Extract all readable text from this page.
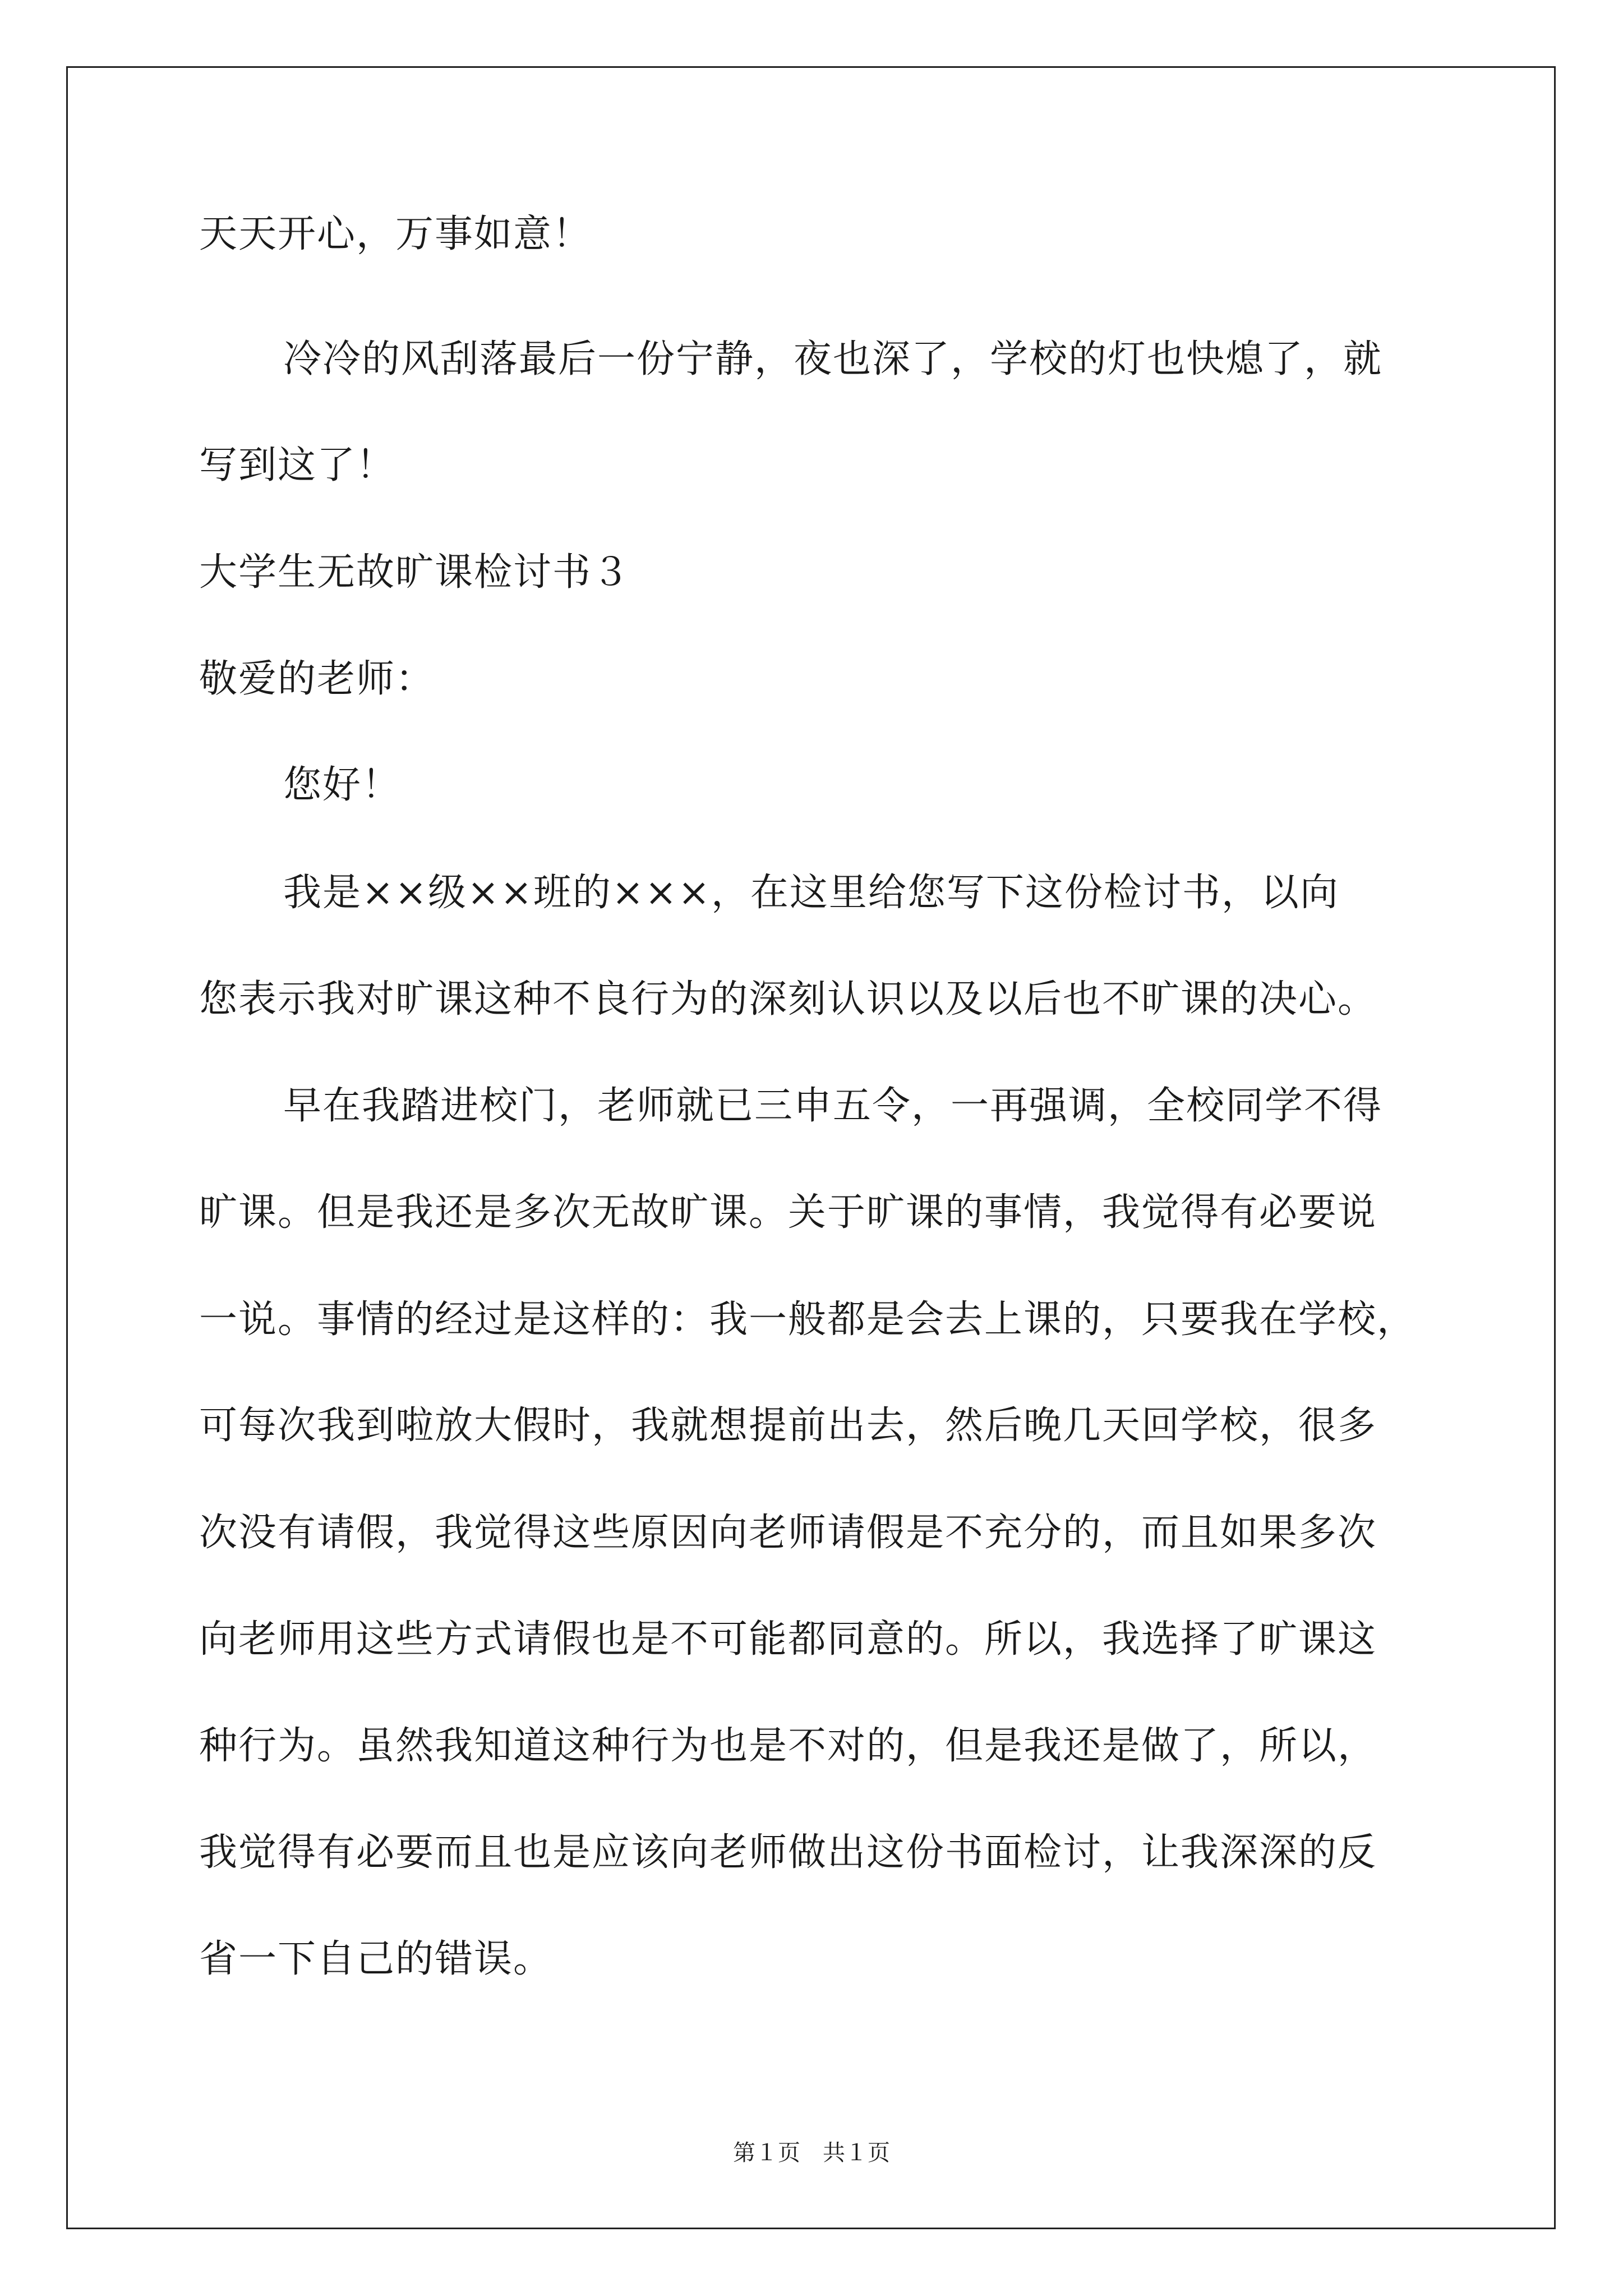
天天开心，万事如意！
冷冷的风刮落最后一份宁静，夜也深了，学校的灯也快熄了，就
写到这了！
大学生无故旷课检讨书３
敬爱的老师：
您好！
我是××级××班的×××，在这里给您写下这份检讨书，以向
您表示我对旷课这种不良行为的深刻认识以及以后也不旷课的决心。
早在我踏进校门，老师就已三申五令，一再强调，全校同学不得
旷课。但是我还是多次无故旷课。关于旷课的事情，我觉得有必要说
一说。事情的经过是这样的：我一般都是会去上课的，只要我在学校，
可每次我到啦放大假时，我就想提前出去，然后晚几天回学校，很多
次没有请假，我觉得这些原因向老师请假是不充分的，而且如果多次
向老师用这些方式请假也是不可能都同意的。所以，我选择了旷课这
种行为。虽然我知道这种行为也是不对的，但是我还是做了，所以，
我觉得有必要而且也是应该向老师做出这份书面检讨，让我深深的反
省一下自己的错误。
第１页　共１页
